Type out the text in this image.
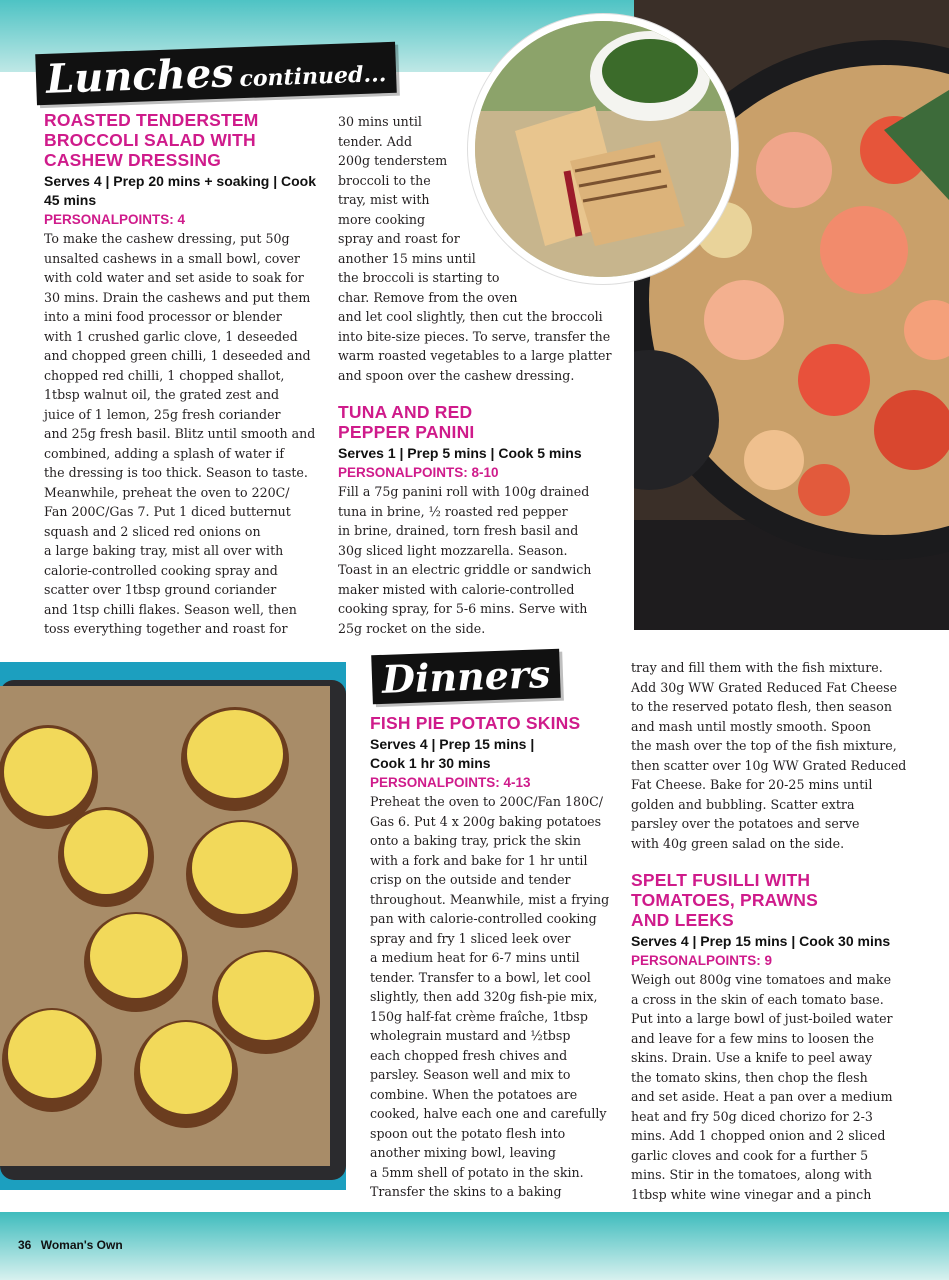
Lunches continued...
Dinners
ROASTED TENDERSTEM BROCCOLI SALAD WITH CASHEW DRESSING
Serves 4 | Prep 20 mins + soaking | Cook 45 mins
PERSONALPOINTS: 4
To make the cashew dressing, put 50g
unsalted cashews in a small bowl, cover
with cold water and set aside to soak for
30 mins. Drain the cashews and put them
into a mini food processor or blender
with 1 crushed garlic clove, 1 deseeded
and chopped green chilli, 1 deseeded and
chopped red chilli, 1 chopped shallot,
1tbsp walnut oil, the grated zest and
juice of 1 lemon, 25g fresh coriander
and 25g fresh basil. Blitz until smooth and
combined, adding a splash of water if
the dressing is too thick. Season to taste.
Meanwhile, preheat the oven to 220C/
Fan 200C/Gas 7. Put 1 diced butternut
squash and 2 sliced red onions on
a large baking tray, mist all over with
calorie-controlled cooking spray and
scatter over 1tbsp ground coriander
and 1tsp chilli flakes. Season well, then
toss everything together and roast for
30 mins until
tender. Add
200g tenderstem
broccoli to the
tray, mist with
more cooking
spray and roast for
another 15 mins until
the broccoli is starting to
char. Remove from the oven
and let cool slightly, then cut the broccoli
into bite-size pieces. To serve, transfer the
warm roasted vegetables to a large platter
and spoon over the cashew dressing.
TUNA AND RED PEPPER PANINI
Serves 1 | Prep 5 mins | Cook 5 mins
PERSONALPOINTS: 8-10
Fill a 75g panini roll with 100g drained
tuna in brine, ½ roasted red pepper
in brine, drained, torn fresh basil and
30g sliced light mozzarella. Season.
Toast in an electric griddle or sandwich
maker misted with calorie-controlled
cooking spray, for 5-6 mins. Serve with
25g rocket on the side.
FISH PIE POTATO SKINS
Serves 4 | Prep 15 mins | Cook 1 hr 30 mins
PERSONALPOINTS: 4-13
Preheat the oven to 200C/Fan 180C/
Gas 6. Put 4 x 200g baking potatoes
onto a baking tray, prick the skin
with a fork and bake for 1 hr until
crisp on the outside and tender
throughout. Meanwhile, mist a frying
pan with calorie-controlled cooking
spray and fry 1 sliced leek over
a medium heat for 6-7 mins until
tender. Transfer to a bowl, let cool
slightly, then add 320g fish-pie mix,
150g half-fat crème fraîche, 1tbsp
wholegrain mustard and ½tbsp
each chopped fresh chives and
parsley. Season well and mix to
combine. When the potatoes are
cooked, halve each one and carefully
spoon out the potato flesh into
another mixing bowl, leaving
a 5mm shell of potato in the skin.
Transfer the skins to a baking
tray and fill them with the fish mixture.
Add 30g WW Grated Reduced Fat Cheese
to the reserved potato flesh, then season
and mash until mostly smooth. Spoon
the mash over the top of the fish mixture,
then scatter over 10g WW Grated Reduced
Fat Cheese. Bake for 20-25 mins until
golden and bubbling. Scatter extra
parsley over the potatoes and serve
with 40g green salad on the side.
SPELT FUSILLI WITH TOMATOES, PRAWNS AND LEEKS
Serves 4 | Prep 15 mins | Cook 30 mins
PERSONALPOINTS: 9
Weigh out 800g vine tomatoes and make
a cross in the skin of each tomato base.
Put into a large bowl of just-boiled water
and leave for a few mins to loosen the
skins. Drain. Use a knife to peel away
the tomato skins, then chop the flesh
and set aside. Heat a pan over a medium
heat and fry 50g diced chorizo for 2-3
mins. Add 1 chopped onion and 2 sliced
garlic cloves and cook for a further 5
mins. Stir in the tomatoes, along with
1tbsp white wine vinegar and a pinch
36 Woman's Own
